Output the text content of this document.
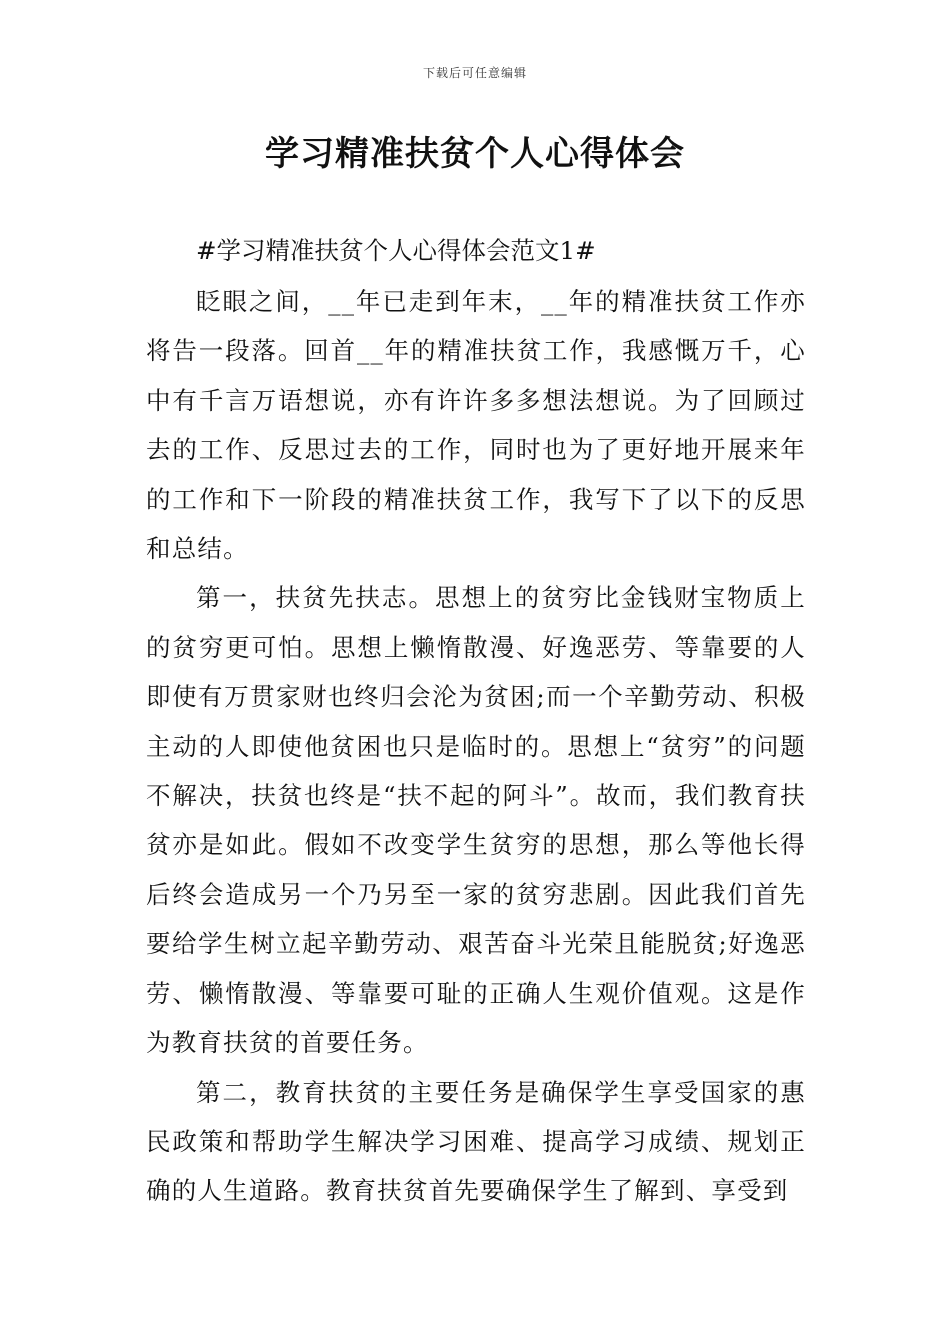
下载后可任意编辑
学习精准扶贫个人心得体会

#学习精准扶贫个人心得体会范文1#

眨眼之间，__年已走到年末，__年的精准扶贫工作亦将告一段落。回首__年的精准扶贫工作，我感慨万千，心中有千言万语想说，亦有许许多多想法想说。为了回顾过去的工作、反思过去的工作，同时也为了更好地开展来年的工作和下一阶段的精准扶贫工作，我写下了以下的反思和总结。

第一，扶贫先扶志。思想上的贫穷比金钱财宝物质上的贫穷更可怕。思想上懒惰散漫、好逸恶劳、等靠要的人即使有万贯家财也终归会沦为贫困;而一个辛勤劳动、积极主动的人即使他贫困也只是临时的。思想上“贫穷”的问题不解决，扶贫也终是“扶不起的阿斗”。故而，我们教育扶贫亦是如此。假如不改变学生贫穷的思想，那么等他长得后终会造成另一个乃另至一家的贫穷悲剧。因此我们首先要给学生树立起辛勤劳动、艰苦奋斗光荣且能脱贫;好逸恶劳、懒惰散漫、等靠要可耻的正确人生观价值观。这是作为教育扶贫的首要任务。

第二，教育扶贫的主要任务是确保学生享受国家的惠民政策和帮助学生解决学习困难、提高学习成绩、规划正确的人生道路。教育扶贫首先要确保学生了解到、享受到
